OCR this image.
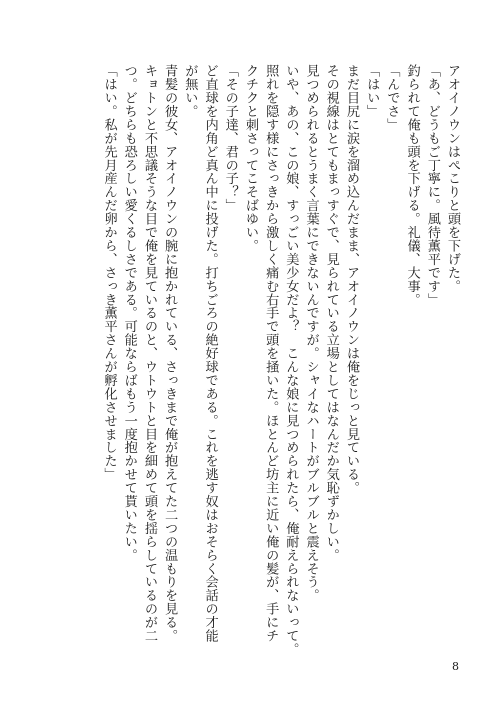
アオイノウンはぺこりと頭を下げた。
「あ、どうもご丁寧に。風待薫平です」
釣られて俺も頭を下げる。礼儀、大事。
「んでさ」
「はい」
まだ目尻に涙を溜め込んだまま、アオイノウンは俺をじっと見ている。
その視線はとてもまっすぐで、見られている立場としてはなんだか気恥ずかしい。
見つめられるとうまく言葉にできないんですが。シャイなハートがブルブルと震えそう。
いや、あの、この娘、すっごい美少女だよ？　こんな娘に見つめられたら、俺耐えられないって。
照れを隠す様にさっきから激しく痛む右手で頭を掻いた。ほとんど坊主に近い俺の髪が、手にチ
クチクと刺さってこそばゆい。
「その子達、君の子？」
ど直球を内角ど真ん中に投げた。打ちごろの絶好球である。これを逃す奴はおそらく会話の才能
が無い。
青髪の彼女、アオイノウンの腕に抱かれている、さっきまで俺が抱えてた二つの温もりを見る。
キョトンと不思議そうな目で俺を見ているのと、ウトウトと目を細めて頭を揺らしているのが二
つ。どちらも恐ろしい愛くるしさである。可能ならばもう一度抱かせて貰いたい。
「はい。私が先月産んだ卵から、さっき薫平さんが孵化させました」
8
